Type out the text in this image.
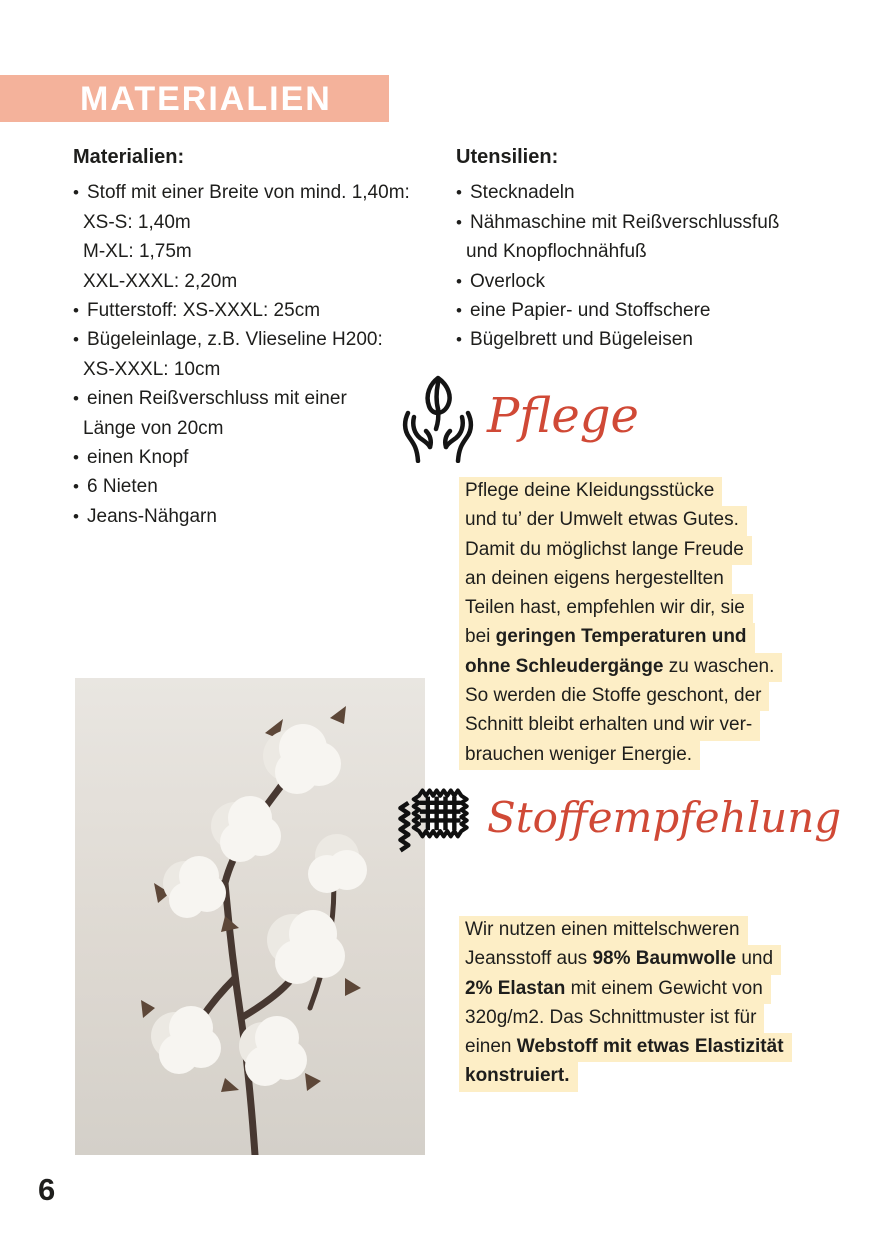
MATERIALIEN
Materialien:
• Stoff mit einer Breite von mind. 1,40m:
XS-S: 1,40m
M-XL: 1,75m
XXL-XXXL: 2,20m
• Futterstoff: XS-XXXL: 25cm
• Bügeleinlage, z.B. Vlieseline H200:
XS-XXXL: 10cm
• einen Reißverschluss mit einer
Länge von 20cm
• einen Knopf
• 6 Nieten
• Jeans-Nähgarn
Utensilien:
• Stecknadeln
• Nähmaschine mit Reißverschlussfuß
und Knopflochnähfuß
• Overlock
• eine Papier- und Stoffschere
• Bügelbrett und Bügeleisen
Pflege
Pflege deine Kleidungsstücke
und tu’ der Umwelt etwas Gutes.
Damit du möglichst lange Freude
an deinen eigens hergestellten
Teilen hast, empfehlen wir dir, sie
bei geringen Temperaturen und
ohne Schleudergänge zu waschen.
So werden die Stoffe geschont, der
Schnitt bleibt erhalten und wir ver-
brauchen weniger Energie.
Stoffempfehlung
Wir nutzen einen mittelschweren
Jeansstoff aus 98% Baumwolle und
2% Elastan mit einem Gewicht von
320g/m2. Das Schnittmuster ist für
einen Webstoff mit etwas Elastizität
konstruiert.
6
